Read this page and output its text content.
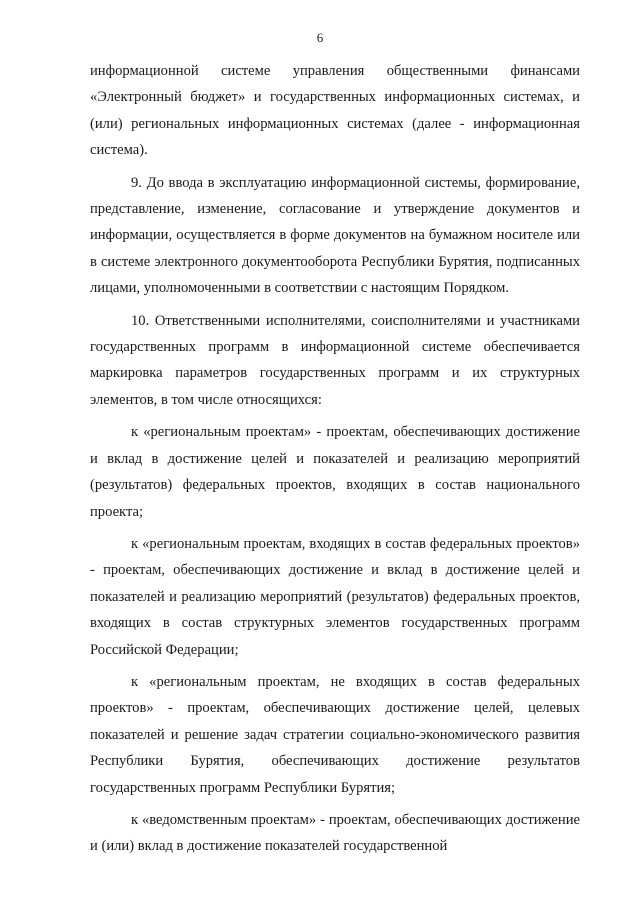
6

информационной системе управления общественными финансами «Электронный бюджет» и государственных информационных системах, и (или) региональных информационных системах (далее - информационная система).

9. До ввода в эксплуатацию информационной системы, формирование, представление, изменение, согласование и утверждение документов и информации, осуществляется в форме документов на бумажном носителе или в системе электронного документооборота Республики Бурятия, подписанных лицами, уполномоченными в соответствии с настоящим Порядком.

10. Ответственными исполнителями, соисполнителями и участниками государственных программ в информационной системе обеспечивается маркировка параметров государственных программ и их структурных элементов, в том числе относящихся:

к «региональным проектам» - проектам, обеспечивающих достижение и вклад в достижение целей и показателей и реализацию мероприятий (результатов) федеральных проектов, входящих в состав национального проекта;

к «региональным проектам, входящих в состав федеральных проектов» - проектам, обеспечивающих достижение и вклад в достижение целей и показателей и реализацию мероприятий (результатов) федеральных проектов, входящих в состав структурных элементов государственных программ Российской Федерации;

к «региональным проектам, не входящих в состав федеральных проектов» - проектам, обеспечивающих достижение целей, целевых показателей и решение задач стратегии социально-экономического развития Республики Бурятия, обеспечивающих достижение результатов государственных программ Республики Бурятия;

к «ведомственным проектам» - проектам, обеспечивающих достижение и (или) вклад в достижение показателей государственной
